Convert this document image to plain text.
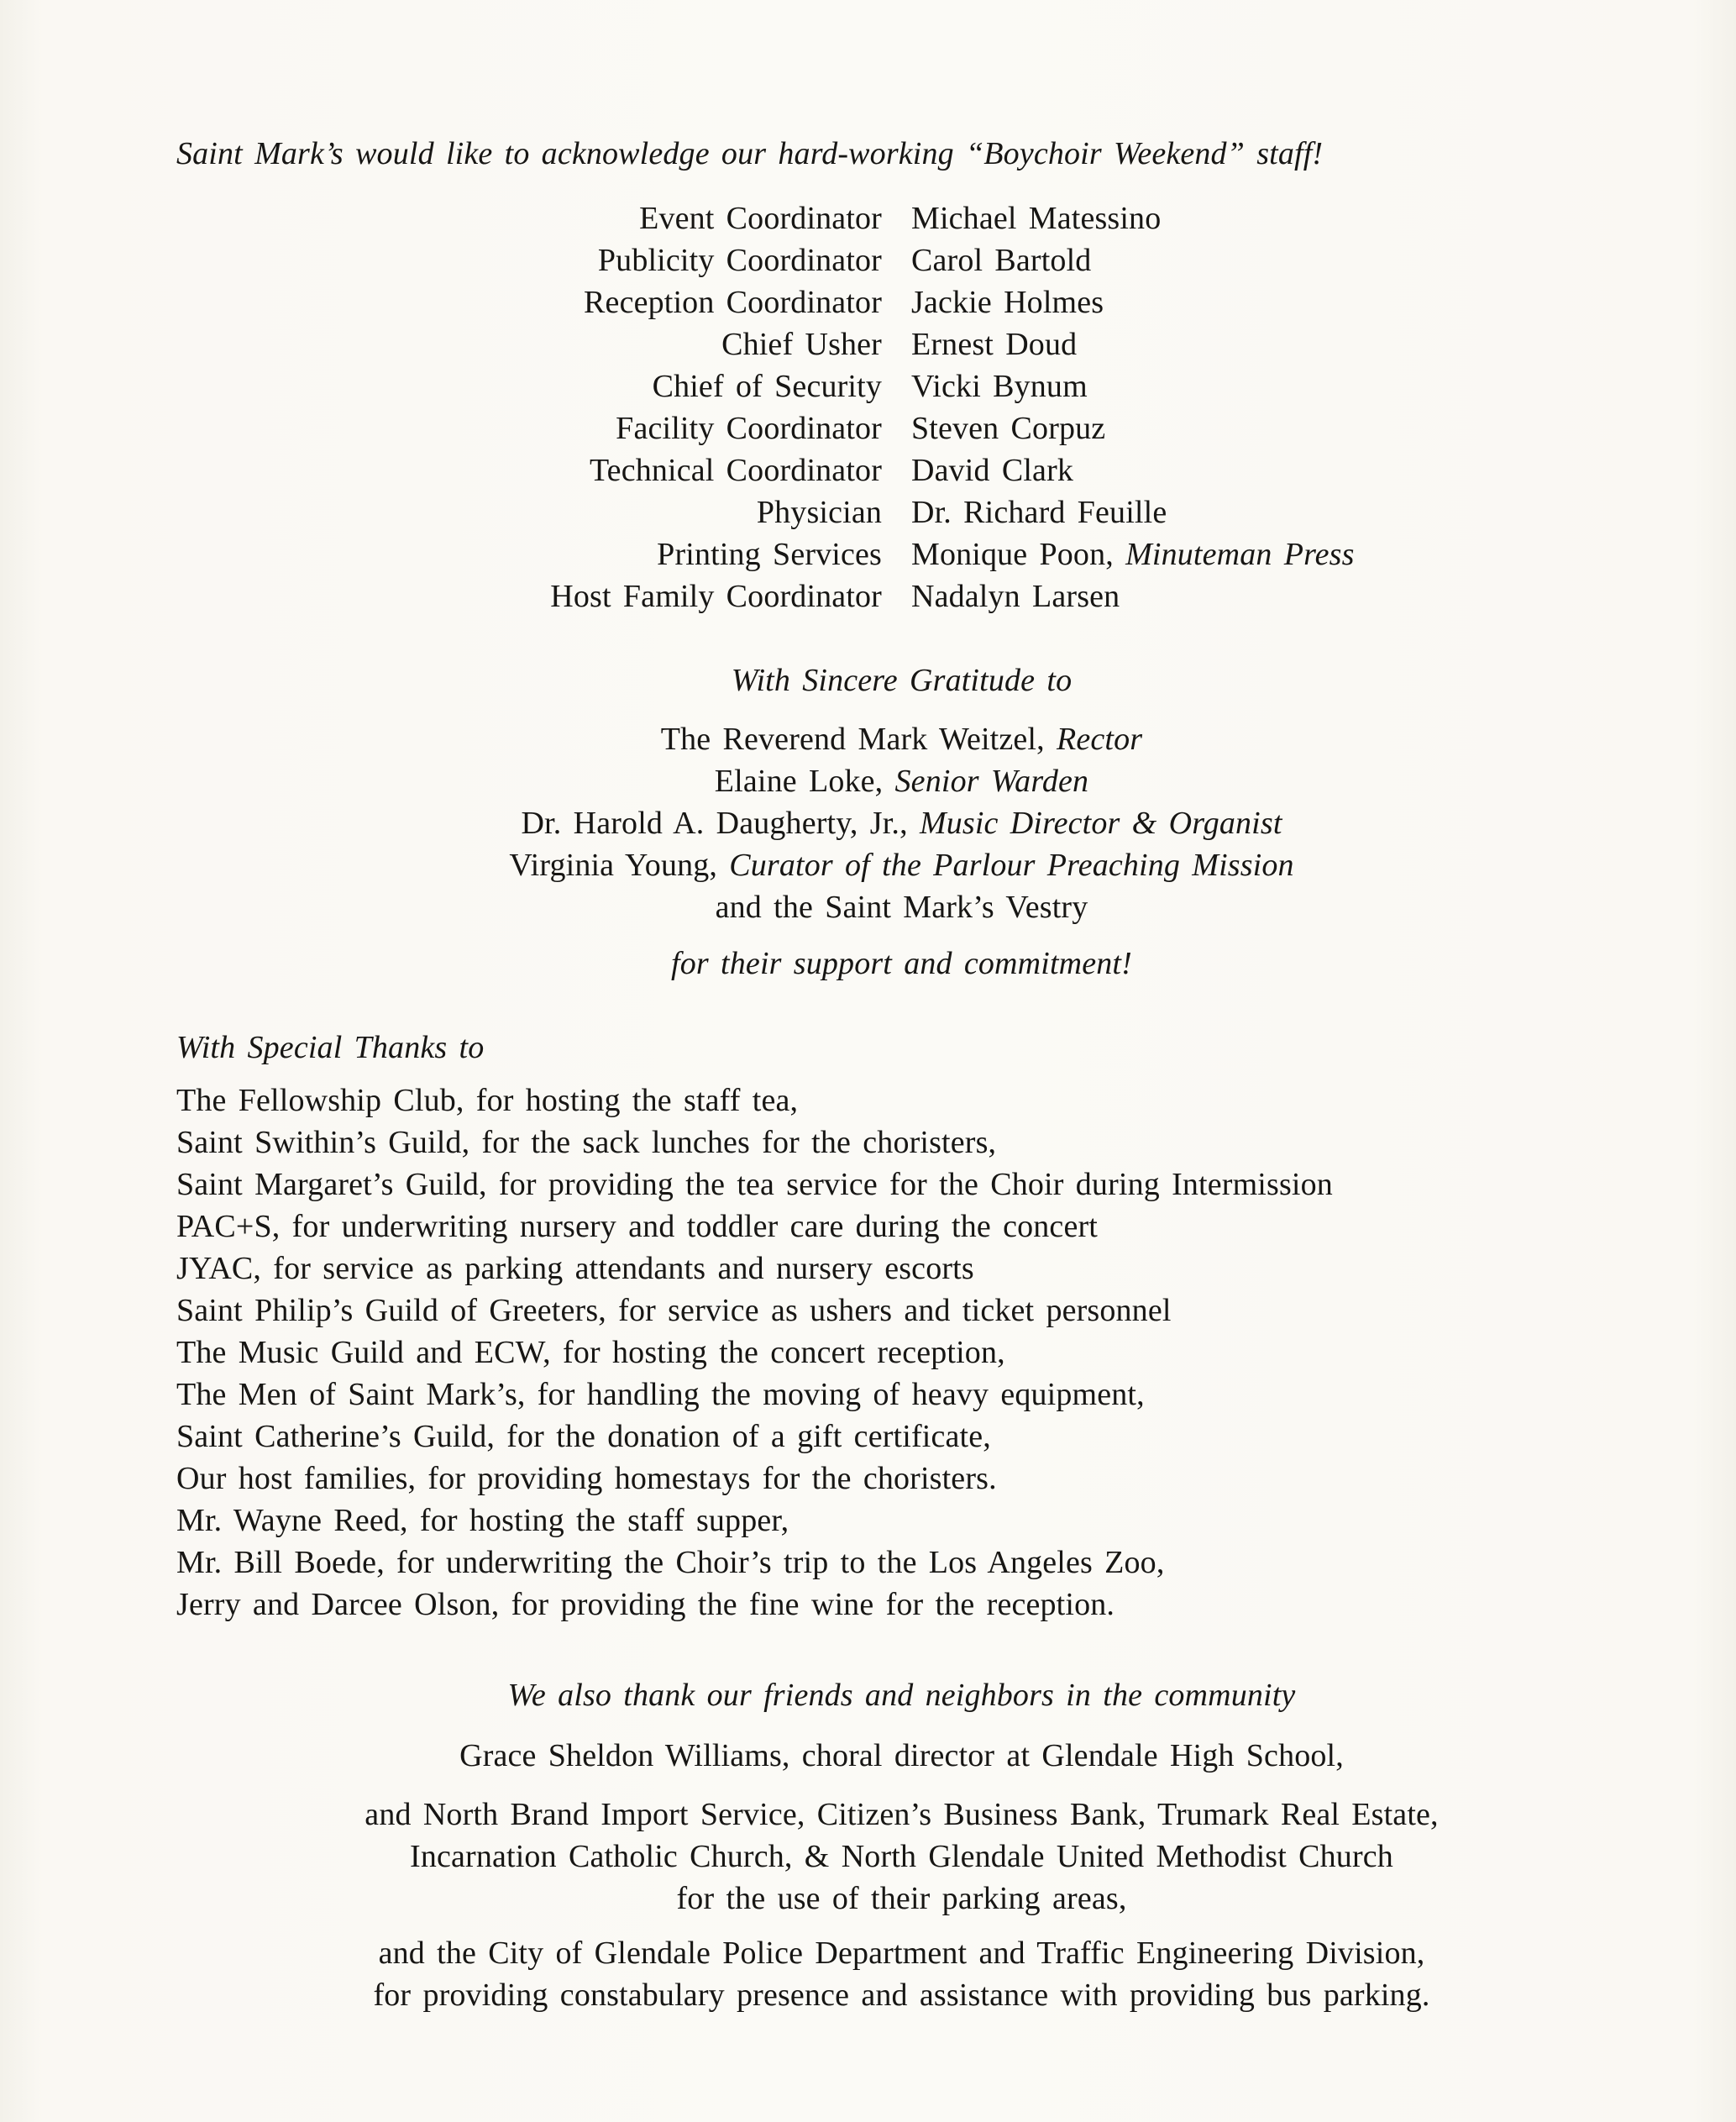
Saint Mark’s would like to acknowledge our hard-working “Boychoir Weekend” staff!

Event Coordinator Michael Matessino
Publicity Coordinator Carol Bartold
Reception Coordinator Jackie Holmes
Chief Usher Ernest Doud
Chief of Security Vicki Bynum
Facility Coordinator Steven Corpuz
Technical Coordinator David Clark
Physician Dr. Richard Feuille
Printing Services Monique Poon, Minuteman Press
Host Family Coordinator Nadalyn Larsen

With Sincere Gratitude to

The Reverend Mark Weitzel, Rector

Elaine Loke, Senior Warden

Dr. Harold A. Daugherty, Jr., Music Director & Organist

Virginia Young, Curator of the Parlour Preaching Mission

and the Saint Mark’s Vestry

for their support and commitment!

With Special Thanks to

The Fellowship Club, for hosting the staff tea,

Saint Swithin’s Guild, for the sack lunches for the choristers,

Saint Margaret’s Guild, for providing the tea service for the Choir during Intermission

PAC+S, for underwriting nursery and toddler care during the concert

JYAC, for service as parking attendants and nursery escorts

Saint Philip’s Guild of Greeters, for service as ushers and ticket personnel

The Music Guild and ECW, for hosting the concert reception,

The Men of Saint Mark’s, for handling the moving of heavy equipment,

Saint Catherine’s Guild, for the donation of a gift certificate,

Our host families, for providing homestays for the choristers.

Mr. Wayne Reed, for hosting the staff supper,

Mr. Bill Boede, for underwriting the Choir’s trip to the Los Angeles Zoo,

Jerry and Darcee Olson, for providing the fine wine for the reception.

We also thank our friends and neighbors in the community

Grace Sheldon Williams, choral director at Glendale High School,

and North Brand Import Service, Citizen’s Business Bank, Trumark Real Estate,

Incarnation Catholic Church, & North Glendale United Methodist Church

for the use of their parking areas,

and the City of Glendale Police Department and Traffic Engineering Division,

for providing constabulary presence and assistance with providing bus parking.
